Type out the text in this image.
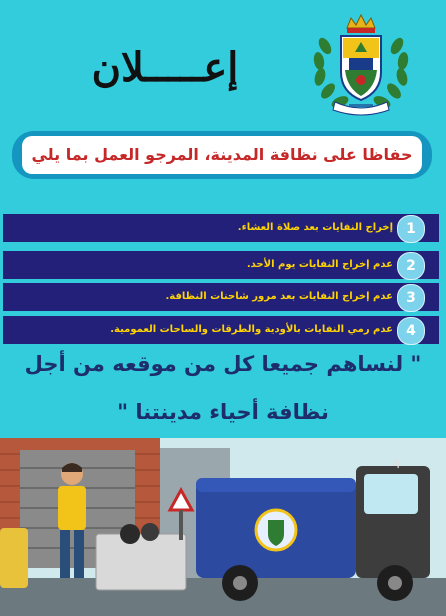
إعـــــلان
حفاظا على نظافة المدينة، المرجو العمل بما يلي
1
إخراج النفايات بعد صلاة العشاء.
2
عدم إخراج النفايات يوم الأحد.
3
عدم إخراج النفايات بعد مرور شاحنات النظافة.
4
عدم رمي النفايات بالأودية والطرقات والساحات العمومية.
" لنساهم جميعا كل من موقعه من أجل
نظافة أحياء مدينتنا "
4
